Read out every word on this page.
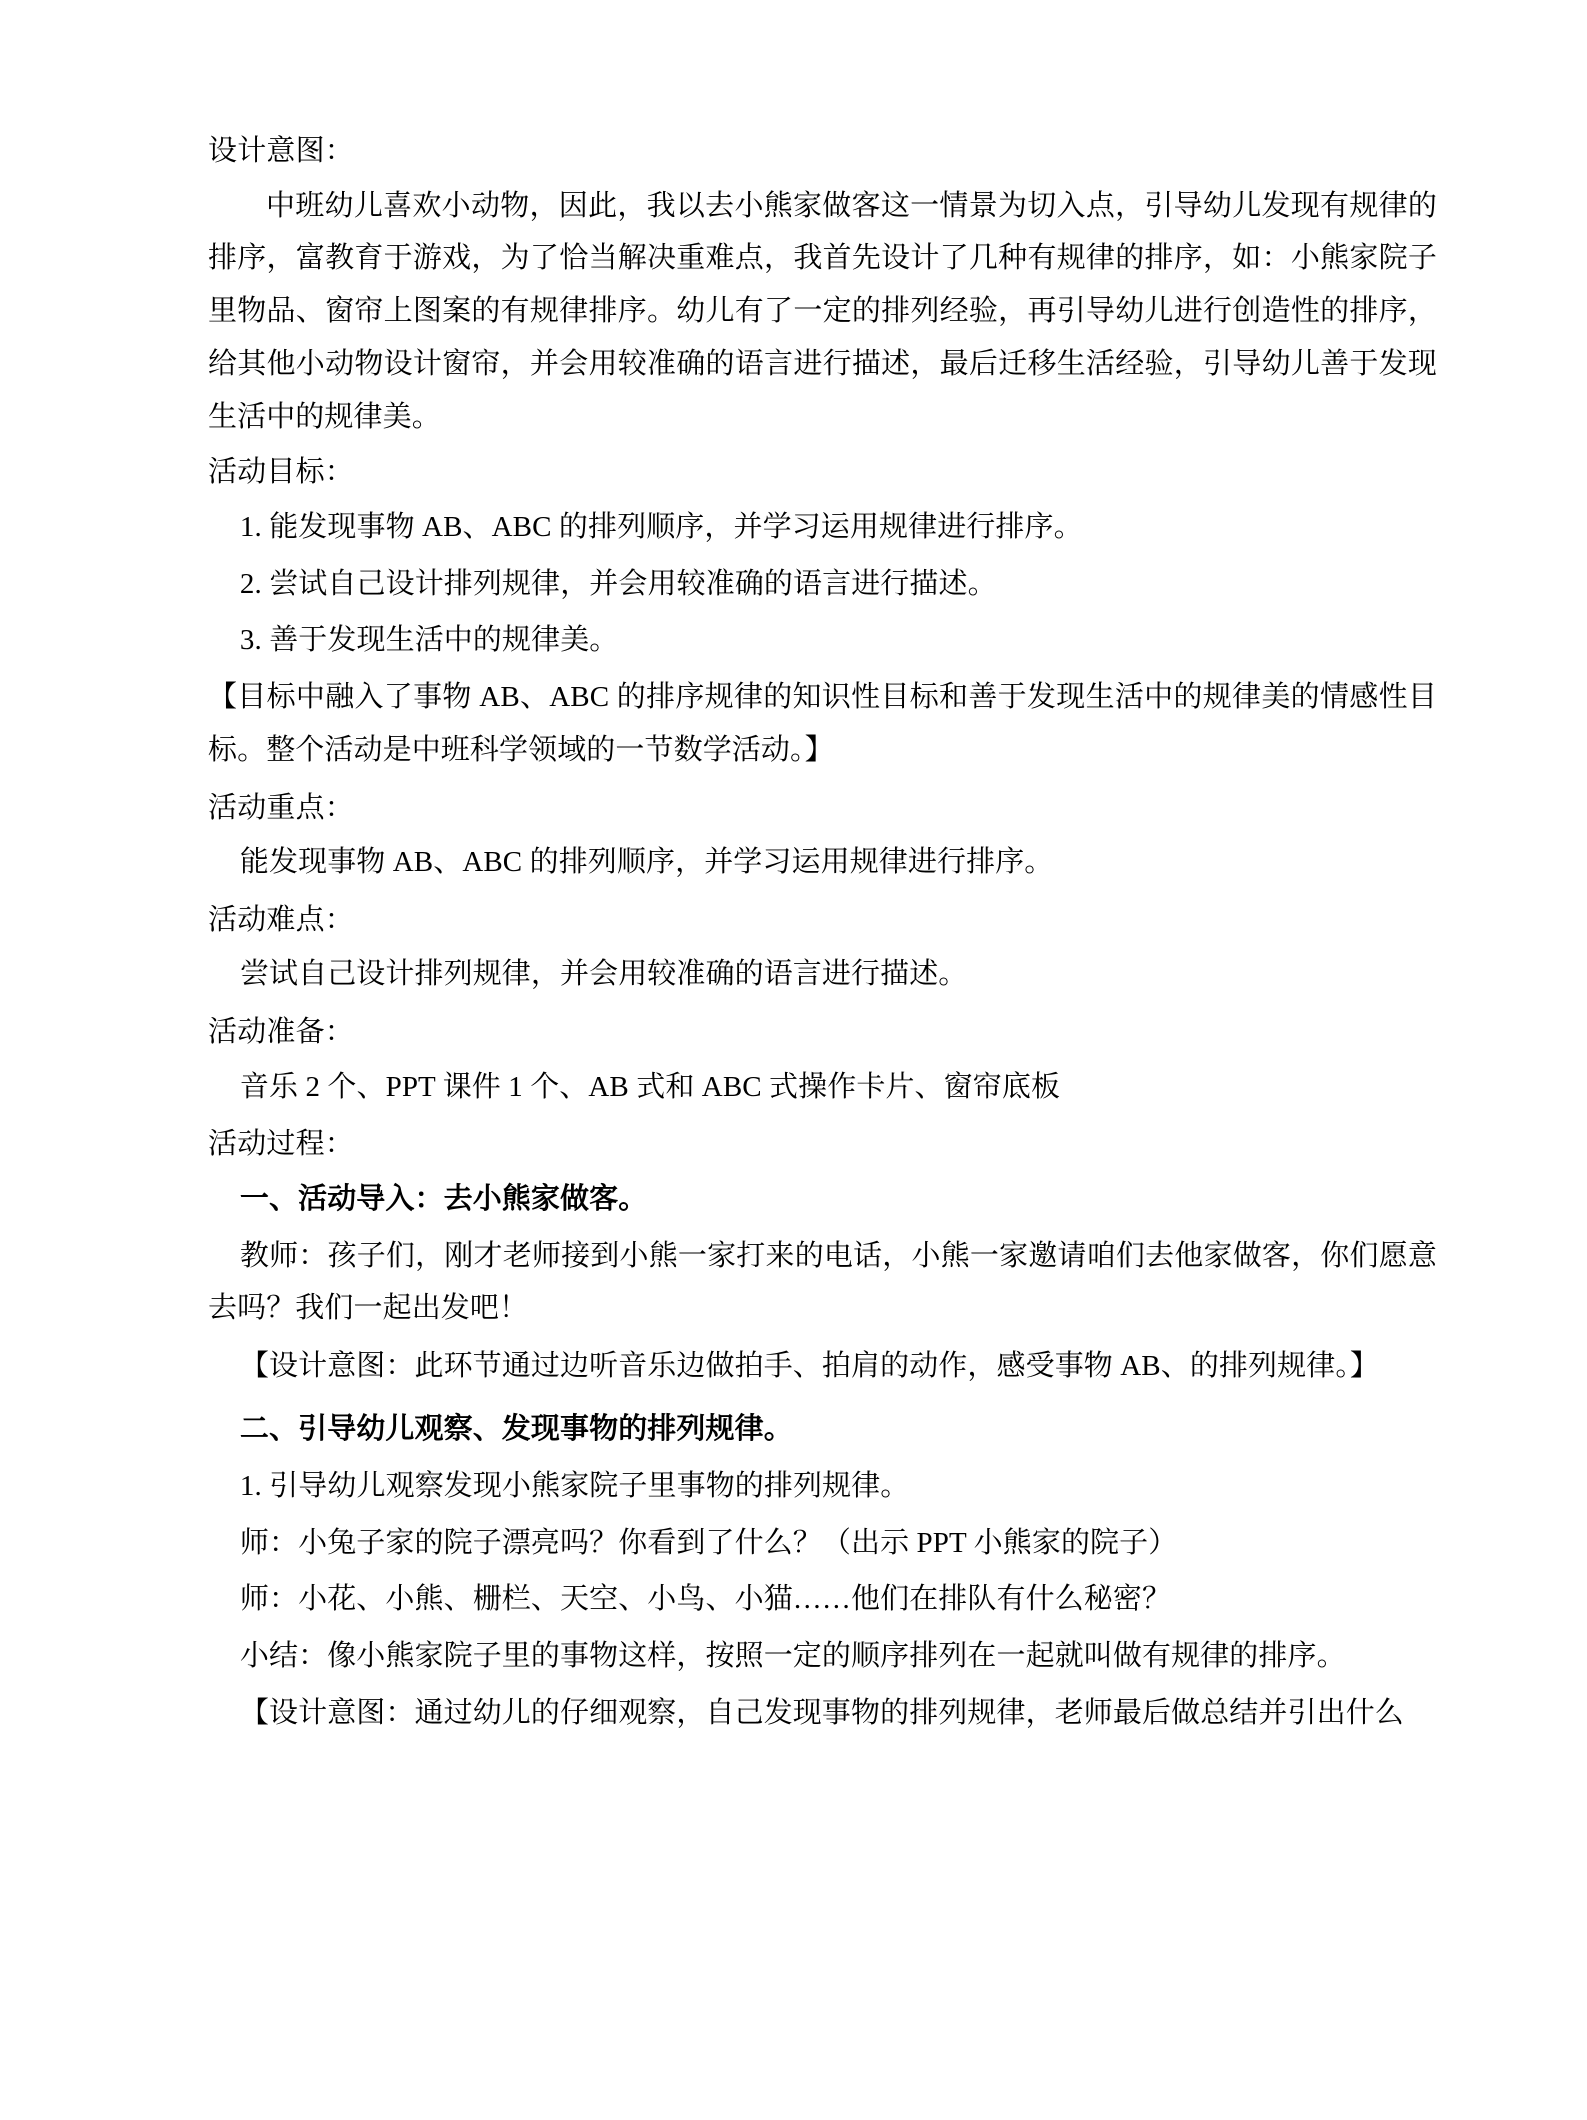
设计意图：
中班幼儿喜欢小动物，因此，我以去小熊家做客这一情景为切入点，引导幼儿发现有规律的排序，富教育于游戏，为了恰当解决重难点，我首先设计了几种有规律的排序，如：小熊家院子里物品、窗帘上图案的有规律排序。幼儿有了一定的排列经验，再引导幼儿进行创造性的排序，给其他小动物设计窗帘，并会用较准确的语言进行描述，最后迁移生活经验，引导幼儿善于发现生活中的规律美。
活动目标：
1. 能发现事物 AB、ABC 的排列顺序，并学习运用规律进行排序。
2. 尝试自己设计排列规律，并会用较准确的语言进行描述。
3. 善于发现生活中的规律美。
【目标中融入了事物 AB、ABC 的排序规律的知识性目标和善于发现生活中的规律美的情感性目标。整个活动是中班科学领域的一节数学活动。】
活动重点：
能发现事物 AB、ABC 的排列顺序，并学习运用规律进行排序。
活动难点：
尝试自己设计排列规律，并会用较准确的语言进行描述。
活动准备：
音乐 2 个、PPT 课件 1 个、AB 式和 ABC 式操作卡片、窗帘底板
活动过程：
一、活动导入：去小熊家做客。
教师：孩子们，刚才老师接到小熊一家打来的电话，小熊一家邀请咱们去他家做客，你们愿意去吗？我们一起出发吧！
【设计意图：此环节通过边听音乐边做拍手、拍肩的动作，感受事物 AB、的排列规律。】
二、引导幼儿观察、发现事物的排列规律。
1. 引导幼儿观察发现小熊家院子里事物的排列规律。
师：小兔子家的院子漂亮吗？你看到了什么？（出示 PPT 小熊家的院子）
师：小花、小熊、栅栏、天空、小鸟、小猫……他们在排队有什么秘密？
小结：像小熊家院子里的事物这样，按照一定的顺序排列在一起就叫做有规律的排序。
【设计意图：通过幼儿的仔细观察，自己发现事物的排列规律，老师最后做总结并引出什么
